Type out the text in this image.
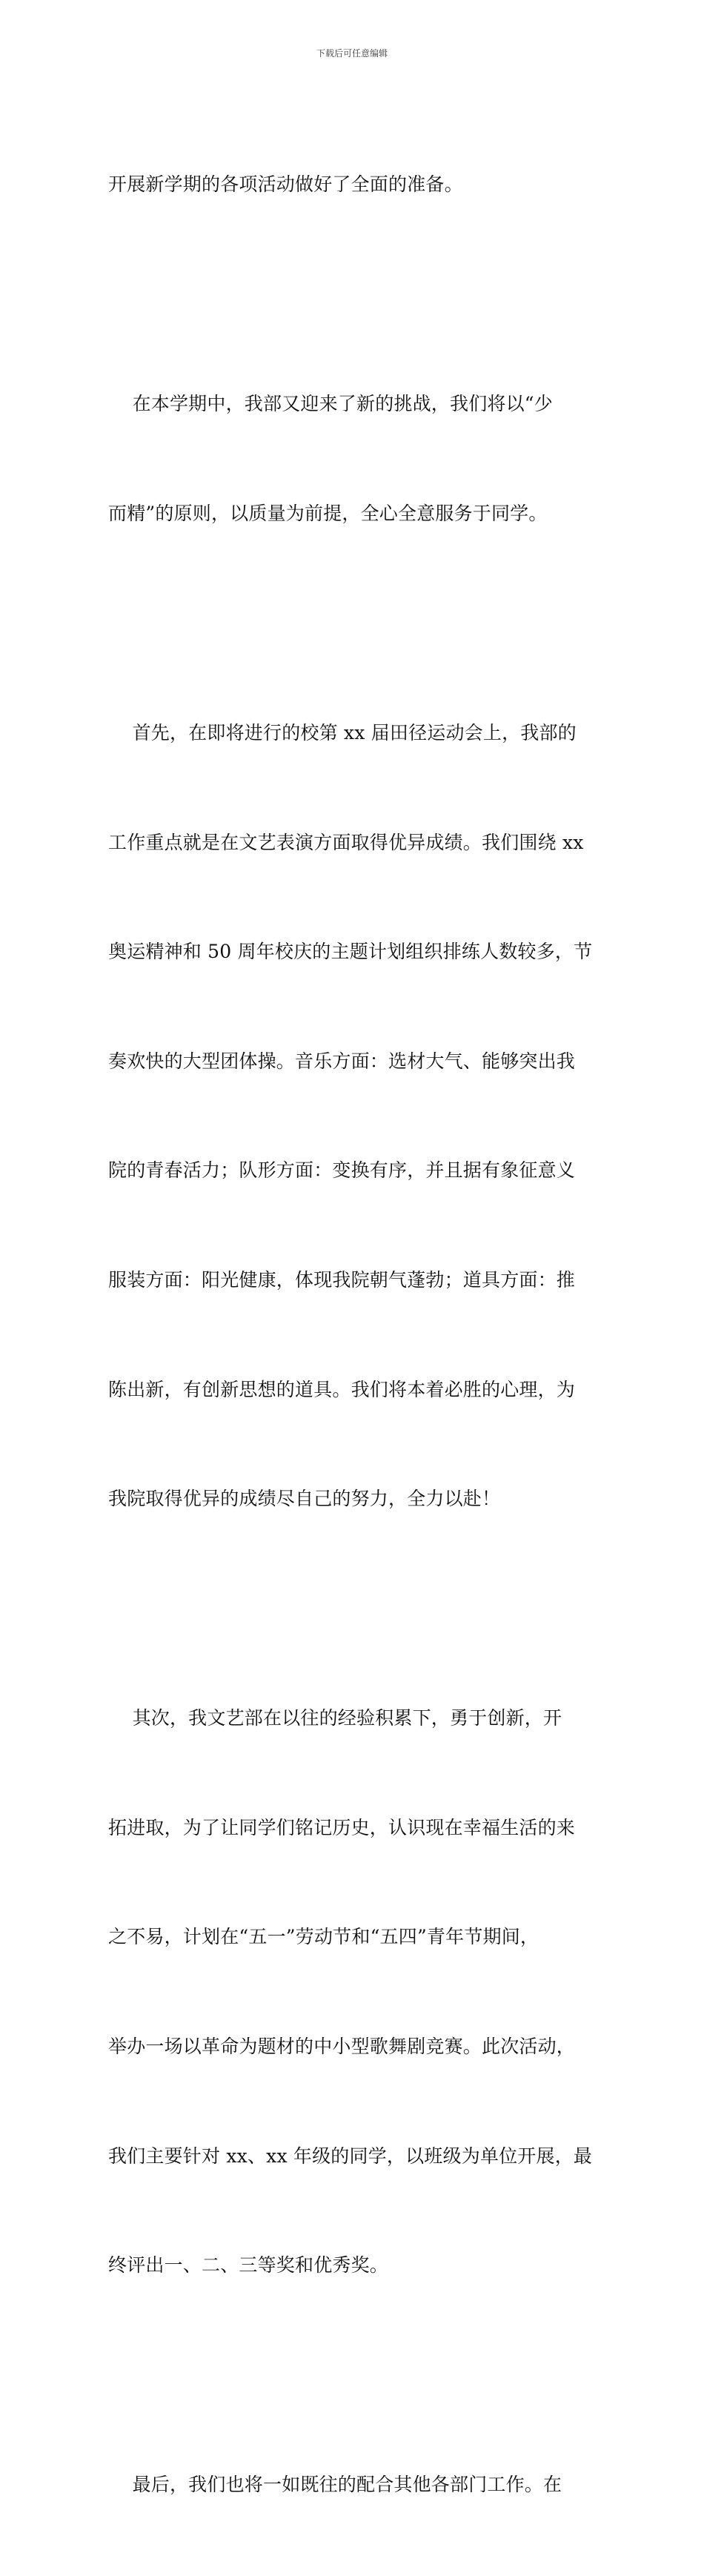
下载后可任意编辑

开展新学期的各项活动做好了全面的准备。

在本学期中，我部又迎来了新的挑战，我们将以“少

而精”的原则，以质量为前提，全心全意服务于同学。

首先，在即将进行的校第 xx 届田径运动会上，我部的

工作重点就是在文艺表演方面取得优异成绩。我们围绕 xx

奥运精神和 50 周年校庆的主题计划组织排练人数较多，节

奏欢快的大型团体操。音乐方面：选材大气、能够突出我

院的青春活力；队形方面：变换有序，并且据有象征意义

服装方面：阳光健康，体现我院朝气蓬勃；道具方面：推

陈出新，有创新思想的道具。我们将本着必胜的心理，为

我院取得优异的成绩尽自己的努力，全力以赴！

其次，我文艺部在以往的经验积累下，勇于创新，开

拓进取，为了让同学们铭记历史，认识现在幸福生活的来

之不易，计划在“五一”劳动节和“五四”青年节期间，

举办一场以革命为题材的中小型歌舞剧竞赛。此次活动，

我们主要针对 xx、xx 年级的同学，以班级为单位开展，最

终评出一、二、三等奖和优秀奖。

最后，我们也将一如既往的配合其他各部门工作。在
